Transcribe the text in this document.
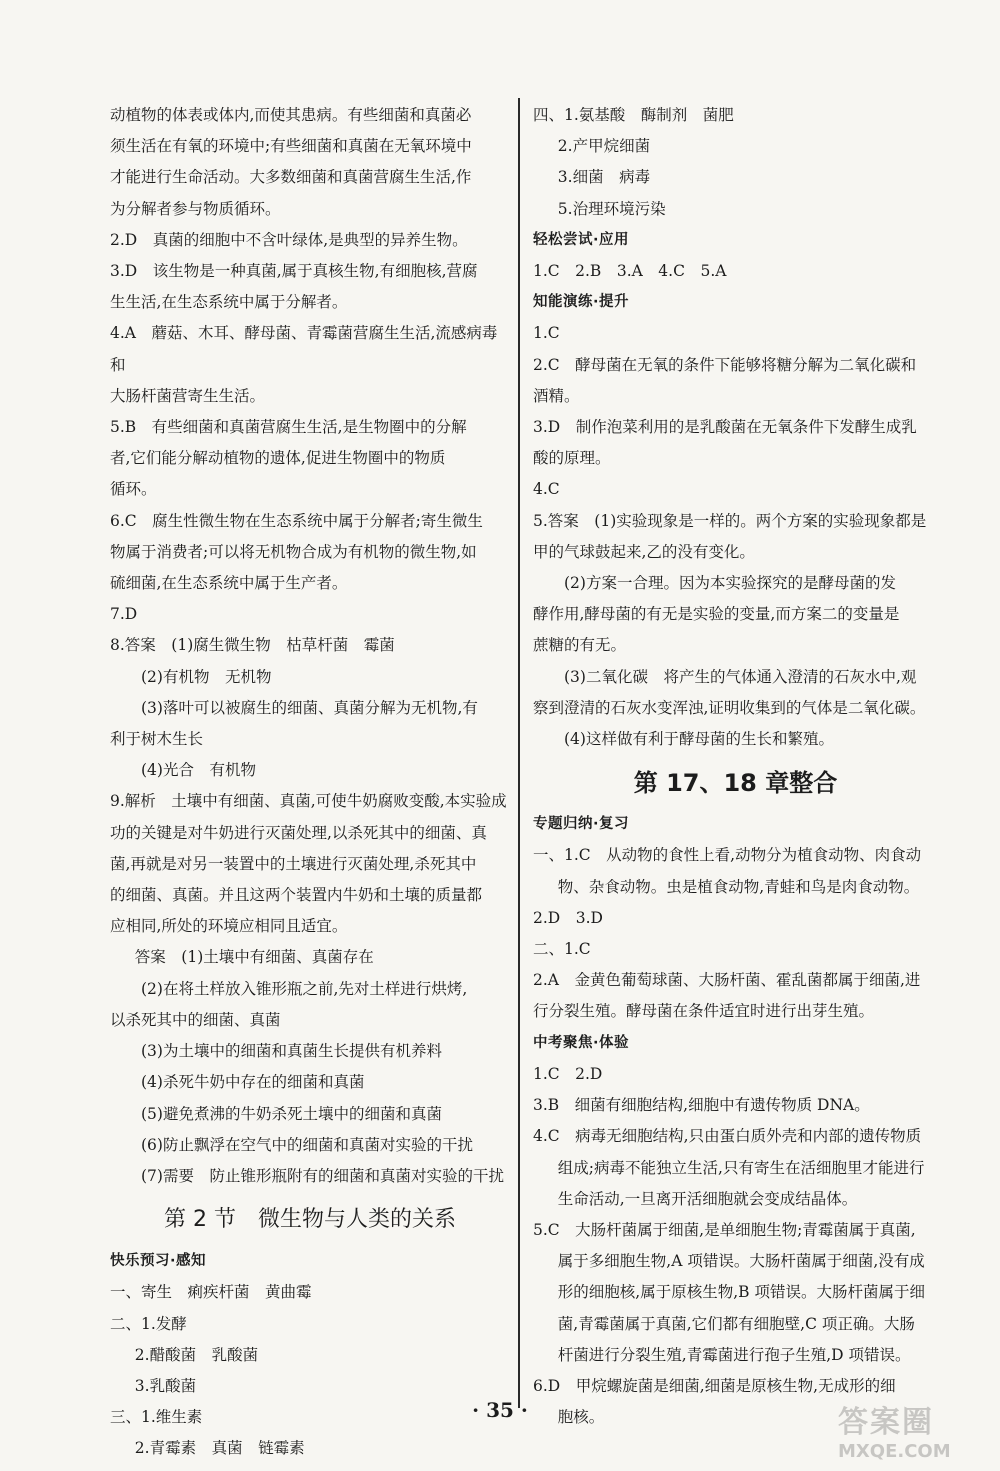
动植物的体表或体内,而使其患病。有些细菌和真菌必
须生活在有氧的环境中;有些细菌和真菌在无氧环境中
才能进行生命活动。大多数细菌和真菌营腐生生活,作
为分解者参与物质循环。
2.D　真菌的细胞中不含叶绿体,是典型的异养生物。
3.D　该生物是一种真菌,属于真核生物,有细胞核,营腐
生生活,在生态系统中属于分解者。
4.A　蘑菇、木耳、酵母菌、青霉菌营腐生生活,流感病毒和
大肠杆菌营寄生生活。
5.B　有些细菌和真菌营腐生生活,是生物圈中的分解
者,它们能分解动植物的遗体,促进生物圈中的物质
循环。
6.C　腐生性微生物在生态系统中属于分解者;寄生微生
物属于消费者;可以将无机物合成为有机物的微生物,如
硫细菌,在生态系统中属于生产者。
7.D
8.答案　(1)腐生微生物　枯草杆菌　霉菌
(2)有机物　无机物
(3)落叶可以被腐生的细菌、真菌分解为无机物,有
利于树木生长
(4)光合　有机物
9.解析　土壤中有细菌、真菌,可使牛奶腐败变酸,本实验成
功的关键是对牛奶进行灭菌处理,以杀死其中的细菌、真
菌,再就是对另一装置中的土壤进行灭菌处理,杀死其中
的细菌、真菌。并且这两个装置内牛奶和土壤的质量都
应相同,所处的环境应相同且适宜。
答案　(1)土壤中有细菌、真菌存在
(2)在将土样放入锥形瓶之前,先对土样进行烘烤,
以杀死其中的细菌、真菌
(3)为土壤中的细菌和真菌生长提供有机养料
(4)杀死牛奶中存在的细菌和真菌
(5)避免煮沸的牛奶杀死土壤中的细菌和真菌
(6)防止飘浮在空气中的细菌和真菌对实验的干扰
(7)需要　防止锥形瓶附有的细菌和真菌对实验的干扰
第 2 节　微生物与人类的关系
快乐预习·感知
一、寄生　痢疾杆菌　黄曲霉
二、1.发酵
2.醋酸菌　乳酸菌
3.乳酸菌
三、1.维生素
2.青霉素　真菌　链霉素
四、1.氨基酸　酶制剂　菌肥
2.产甲烷细菌
3.细菌　病毒
5.治理环境污染
轻松尝试·应用
1.C　2.B　3.A　4.C　5.A
知能演练·提升
1.C
2.C　酵母菌在无氧的条件下能够将糖分解为二氧化碳和
酒精。
3.D　制作泡菜利用的是乳酸菌在无氧条件下发酵生成乳
酸的原理。
4.C
5.答案　(1)实验现象是一样的。两个方案的实验现象都是
甲的气球鼓起来,乙的没有变化。
(2)方案一合理。因为本实验探究的是酵母菌的发
酵作用,酵母菌的有无是实验的变量,而方案二的变量是
蔗糖的有无。
(3)二氧化碳　将产生的气体通入澄清的石灰水中,观
察到澄清的石灰水变浑浊,证明收集到的气体是二氧化碳。
(4)这样做有利于酵母菌的生长和繁殖。
第 17、18 章整合
专题归纳·复习
一、1.C　从动物的食性上看,动物分为植食动物、肉食动
物、杂食动物。虫是植食动物,青蛙和鸟是肉食动物。
2.D　3.D
二、1.C
2.A　金黄色葡萄球菌、大肠杆菌、霍乱菌都属于细菌,进
行分裂生殖。酵母菌在条件适宜时进行出芽生殖。
中考聚焦·体验
1.C　2.D
3.B　细菌有细胞结构,细胞中有遗传物质 DNA。
4.C　病毒无细胞结构,只由蛋白质外壳和内部的遗传物质
组成;病毒不能独立生活,只有寄生在活细胞里才能进行
生命活动,一旦离开活细胞就会变成结晶体。
5.C　大肠杆菌属于细菌,是单细胞生物;青霉菌属于真菌,
属于多细胞生物,A 项错误。大肠杆菌属于细菌,没有成
形的细胞核,属于原核生物,B 项错误。大肠杆菌属于细
菌,青霉菌属于真菌,它们都有细胞壁,C 项正确。大肠
杆菌进行分裂生殖,青霉菌进行孢子生殖,D 项错误。
6.D　甲烷螺旋菌是细菌,细菌是原核生物,无成形的细
胞核。
· 35 ·	答案圈
MXQE.COM
